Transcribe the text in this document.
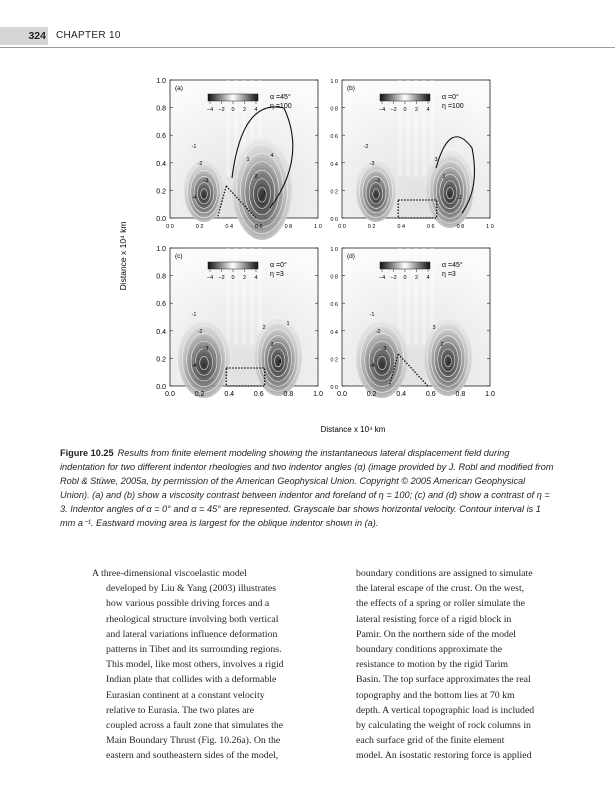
324 CHAPTER 10
-1
-2
-3
-4
1
2
3
4
(a)
−4 −2 0 2 4
α =45°
η =100
-2
-3
-1
2
3
1
(b)
−4 −2 0 2 4
α =0°
η =100
-1
-2
-3
-4
2
3
4
1
(c)
−4 −2 0 2 4
α =0°
η =3
-1
-2
-3
-4
3
2
1
(d)
−4 −2 0 2 4
α =45°
η =3
0.0	0 0
0.2	0 2
0.4	0 4
0.6	0 6
0.8	0 8
1.0	1 0
0.0	0 0
0.2	0 2
0.4	0 4
0.6	0 6
0.8	0 8
1.0	1 0
0 0	0 2	0 4	0 6	0 8	1 0
0.0	0.2	0.4	0.6	0.8	1.0
0 0	0 2	0 4	0 6	0 8	1 0
0.0	0.2	0.4	0.6	0.8	1.0
Distance x 10⁴ km
Distance x 10⁴ km
Figure 10.25 Results from finite element modeling showing the instantaneous lateral displacement field during indentation for two different indentor rheologies and two indentor angles (α) (image provided by J. Robl and modified from Robl & Stüwe, 2005a, by permission of the American Geophysical Union. Copyright © 2005 American Geophysical Union). (a) and (b) show a viscosity contrast between indentor and foreland of η = 100; (c) and (d) show a contrast of η = 3. Indentor angles of α = 0° and α = 45° are represented. Grayscale bar shows horizontal velocity. Contour interval is 1 mm a⁻¹. Eastward moving area is largest for the oblique indentor shown in (a).
A three-dimensional viscoelastic model
developed by Liu & Yang (2003) illustrates
how various possible driving forces and a
rheological structure involving both vertical
and lateral variations influence deformation
patterns in Tibet and its surrounding regions.
This model, like most others, involves a rigid
Indian plate that collides with a deformable
Eurasian continent at a constant velocity
relative to Eurasia. The two plates are
coupled across a fault zone that simulates the
Main Boundary Thrust (Fig. 10.26a). On the
eastern and southeastern sides of the model,
boundary conditions are assigned to simulate
the lateral escape of the crust. On the west,
the effects of a spring or roller simulate the
lateral resisting force of a rigid block in
Pamir. On the northern side of the model
boundary conditions approximate the
resistance to motion by the rigid Tarim
Basin. The top surface approximates the real
topography and the bottom lies at 70 km
depth. A vertical topographic load is included
by calculating the weight of rock columns in
each surface grid of the finite element
model. An isostatic restoring force is applied
